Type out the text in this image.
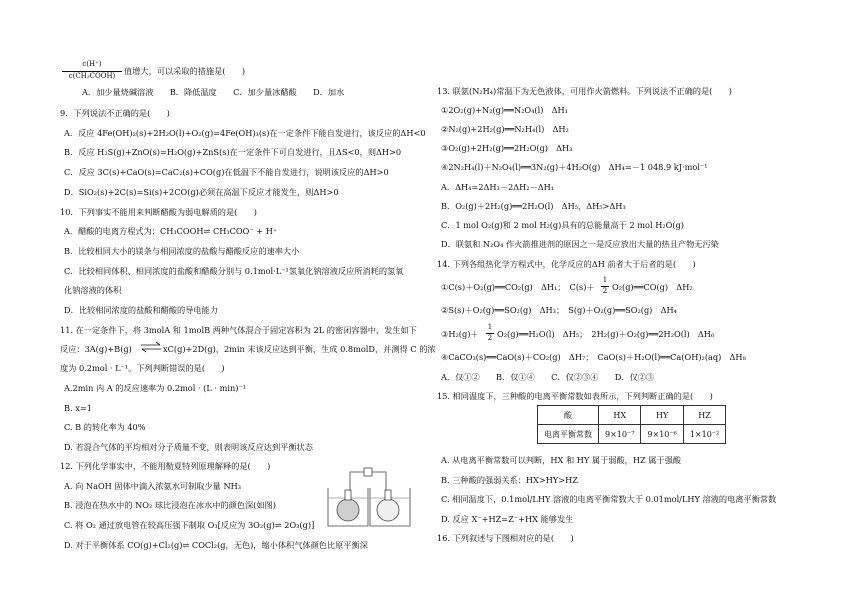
c(H⁺)
c(CH₃COOH)	值增大，可以采取的措施是(　　)
A．加少量烧碱溶液　　B．降低温度　　C．加少量冰醋酸　　D．加水
9．下列说法不正确的是(　　)
A．反应 4Fe(OH)₂(s)+2H₂O(l)+O₂(g)=4Fe(OH)₃(s)在一定条件下能自发进行，该反应的ΔH<0
B．反应 H₂S(g)+ZnO(s)=H₂O(g)+ZnS(s)在一定条件下可自发进行，且ΔS<0，则ΔH>0
C．反应 3C(s)+CaO(s)=CaC₂(s)+CO(g)在低温下不能自发进行，说明该反应的ΔH>0
D．SiO₂(s)+2C(s)=Si(s)+2CO(g)必须在高温下反应才能发生，则ΔH>0
10．下列事实不能用来判断醋酸为弱电解质的是(　　)
A．醋酸的电离方程式为：CH₃COOH⇌ CH₃COO⁻ + H⁺
B．比较相同大小的镁条与相同浓度的盐酸与醋酸反应的速率大小
C．比较相同体积、相同浓度的盐酸和醋酸分别与 0.1mol·L⁻¹氢氧化钠溶液反应所消耗的氢氧
化钠溶液的体积
D．比较相同浓度的盐酸和醋酸的导电能力
11. 在一定条件下，将 3molA 和 1molB 两种气体混合于固定容积为 2L 的密闭容器中，发生如下
反应：3A(g)+B(g) ⇌ xC(g)+2D(g)，2min 末该反应达到平衡，生成 0.8molD，并测得 C 的浓
度为 0.2mol · L⁻¹。下列判断错误的是(　　)
A.2min 内 A 的反应速率为 0.2mol · (L · min)⁻¹
B. x=1
C. B 的转化率为 40%
D. 若混合气体的平均相对分子质量不变，则表明该反应达到平衡状态
12. 下列化学事实中，不能用勒夏特列原理解释的是(　　)
A. 向 NaOH 固体中滴入浓氨水可制取少量 NH₃
B. 浸泡在热水中的 NO₂ 球比浸泡在冰水中的颜色深(如图)
C. 将 O₂ 通过放电管在较高压强下制取 O₃[反应为 3O₂(g)⇌ 2O₃(g)]
D. 对于平衡体系 CO(g)+Cl₂(g)⇌ COCl₂(g，无色)，缩小体积气体颜色比原平衡深
13. 联氨(N₂H₄)常温下为无色液体，可用作火箭燃料。下列说法不正确的是(　　)
①2O₂(g)+N₂(g)══N₂O₄(l)　ΔH₁
②N₂(g)+2H₂(g)══N₂H₄(l)　ΔH₂
③O₂(g)+2H₂(g)══2H₂O(g)　ΔH₃
④2N₂H₄(l)＋N₂O₄(l)══3N₂(g)＋4H₂O(g)　ΔH₄=－1 048.9 kJ·mol⁻¹
A．ΔH₄=2ΔH₃－2ΔH₂－ΔH₁
B．O₂(g)＋2H₂(g)══2H₂O(l)　ΔH₅，ΔH₅>ΔH₃
C．1 mol O₂(g)和 2 mol H₂(g)具有的总能量高于 2 mol H₂O(g)
D．联氨和 N₂O₄ 作火箭推进剂的原因之一是反应放出大量的热且产物无污染
14. 下列各组热化学方程式中，化学反应的ΔH 前者大于后者的是(　　)
①C(s)＋O₂(g)══CO₂(g)　ΔH₁；　C(s)＋
1
2 O₂(g)══CO(g)　ΔH₂
②S(s)＋O₂(g)══SO₂(g)　ΔH₃；　S(g)＋O₂(g)══SO₂(g)　ΔH₄
③H₂(g)＋
1
2 O₂(g)══H₂O(l)　ΔH₅；　2H₂(g)＋O₂(g)══2H₂O(l)　ΔH₆
④CaCO₃(s)══CaO(s)＋CO₂(g)　ΔH₇；　CaO(s)＋H₂O(l)══Ca(OH)₂(aq)　ΔH₈
A．仅①②　　B．仅①④　　C．仅②③④　　D．仅②③
15. 相同温度下，三种酸的电离平衡常数如表所示，下列判断正确的是(　　)
酸	HX	HY	HZ
电离平衡常数	9×10⁻⁷	9×10⁻⁶	1×10⁻²
A. 从电离平衡常数可以判断，HX 和 HY 属于弱酸，HZ 属于强酸
B. 三种酸的强弱关系：HX>HY>HZ
C. 相同温度下，0.1mol/LHY 溶液的电离平衡常数大于 0.01mol/LHY 溶液的电离平衡常数
D. 反应 X⁻+HZ=Z⁻+HX 能够发生
16. 下列叙述与下图相对应的是(　　)
